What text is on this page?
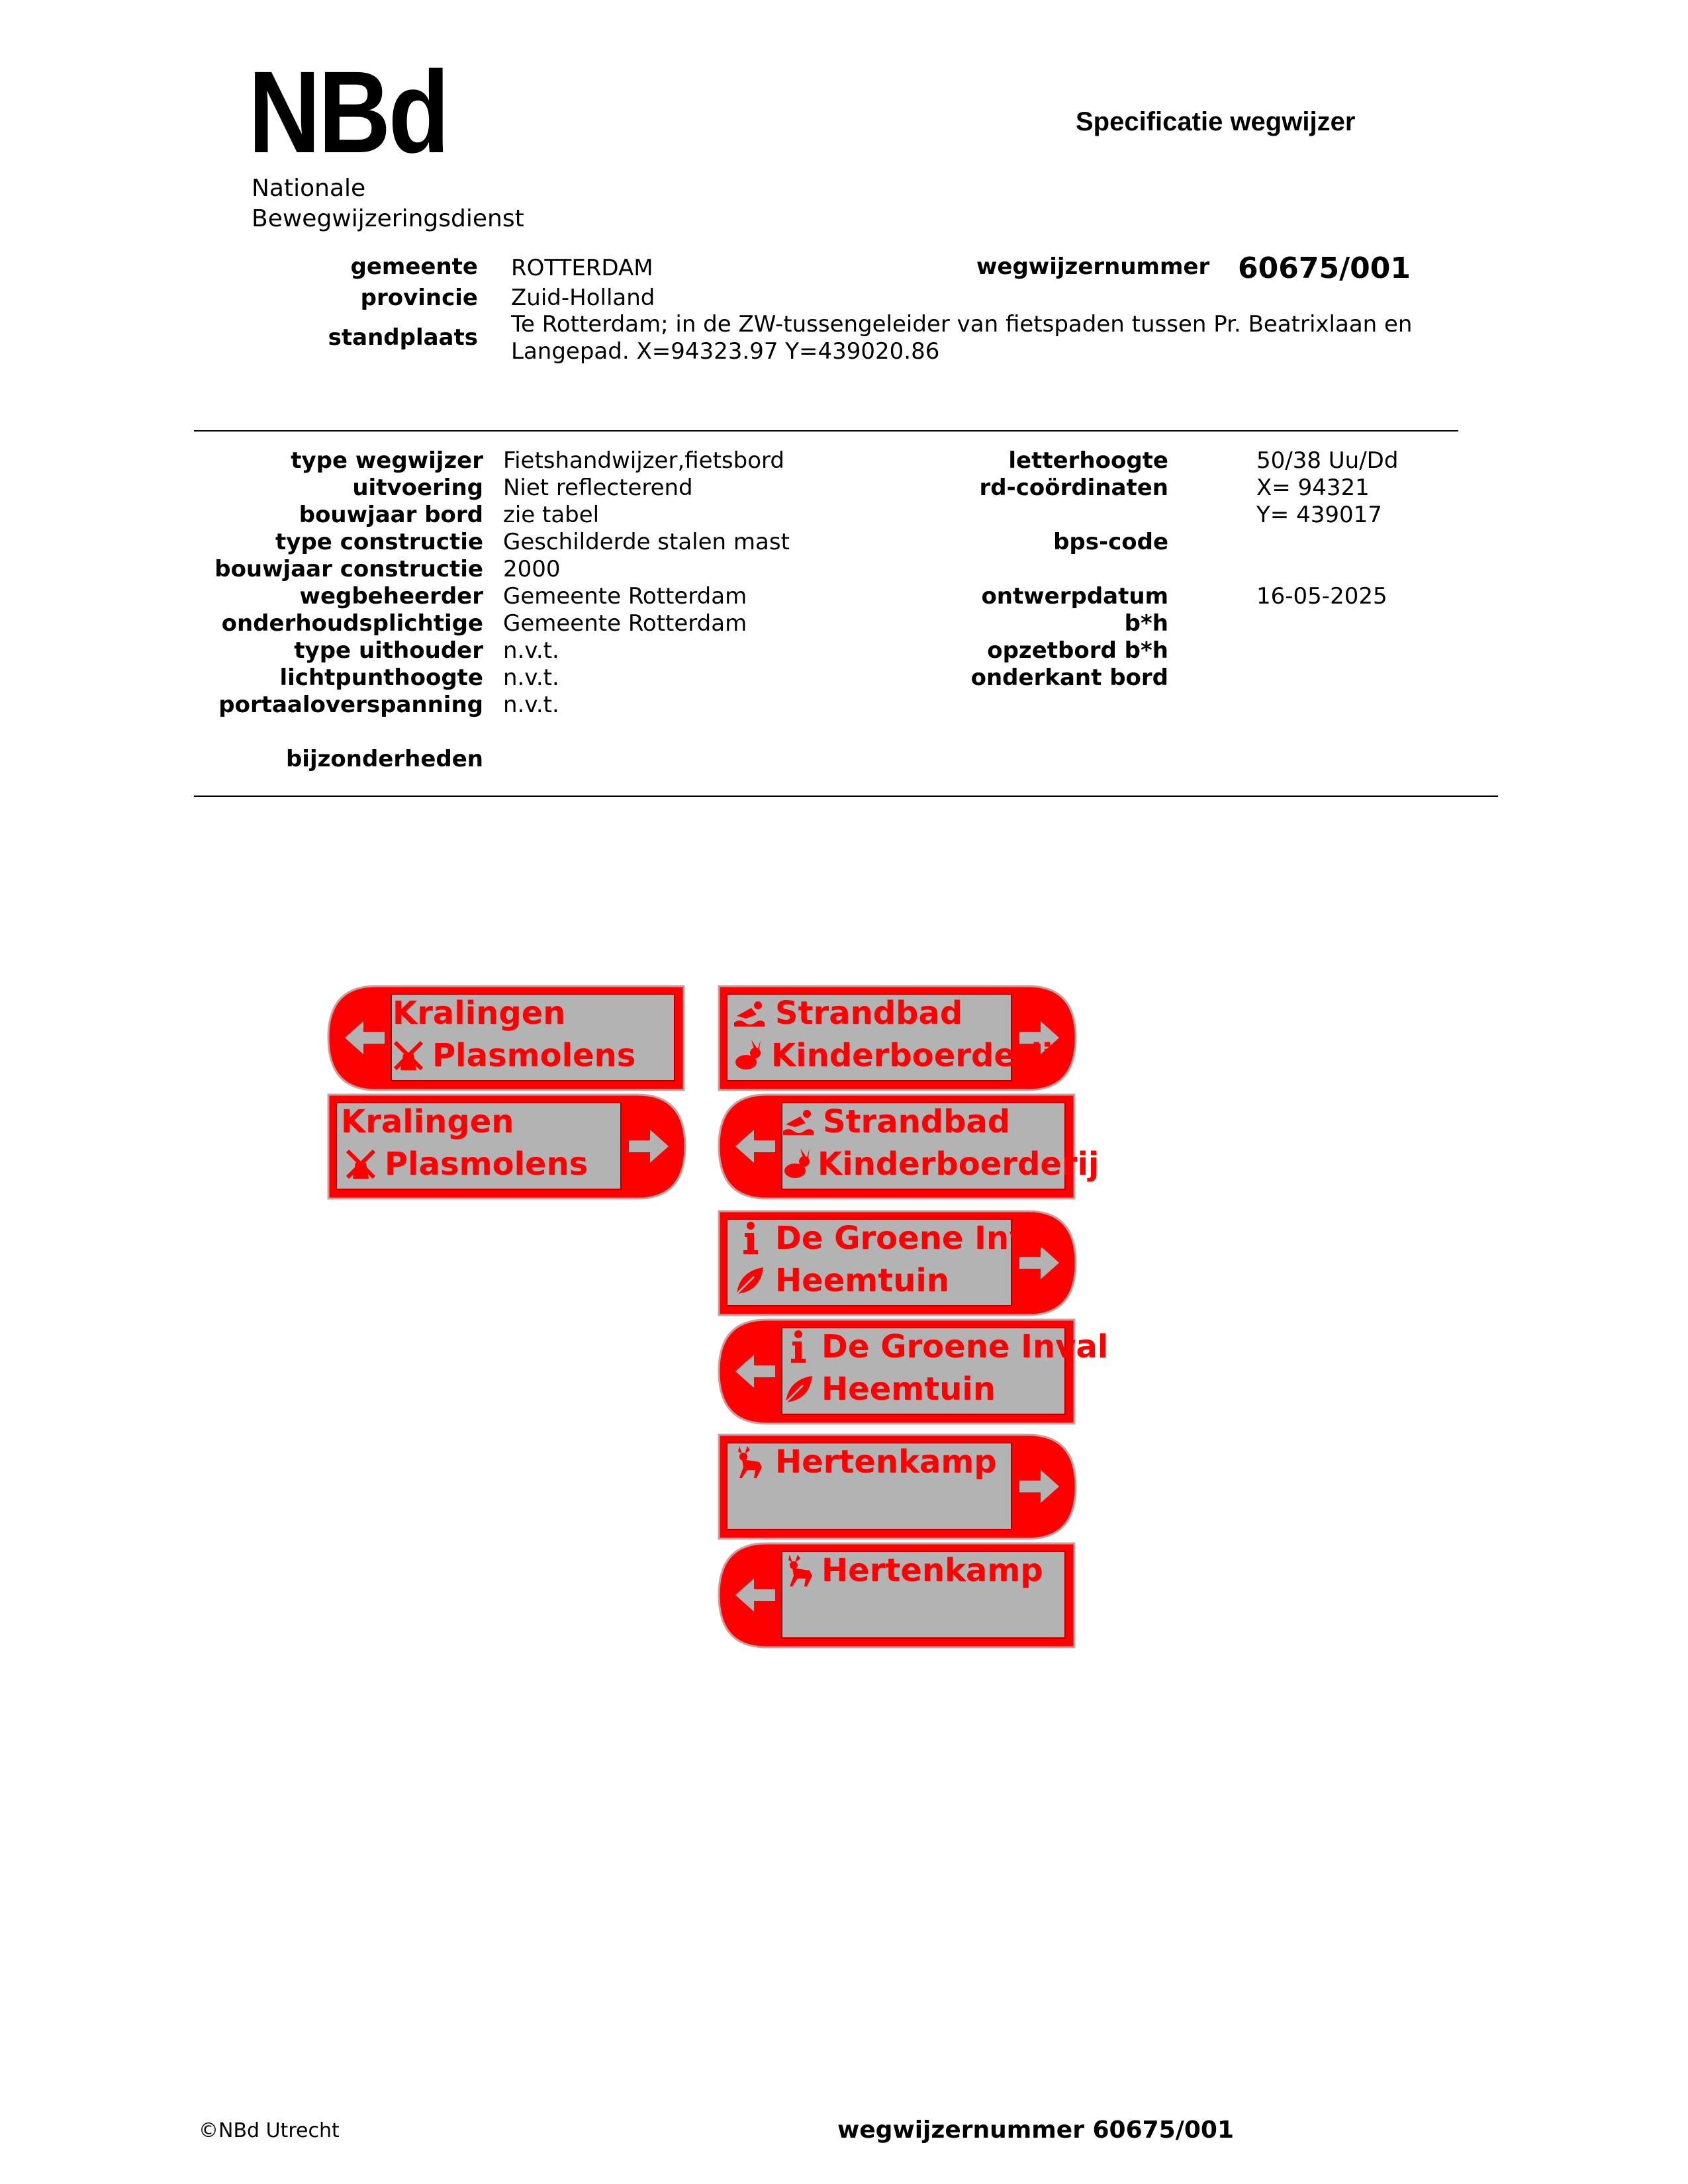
NBd
Nationale
Bewegwijzeringsdienst
Specificatie wegwijzer
gemeente ROTTERDAM
provincie Zuid-Holland
standplaats Te Rotterdam; in de ZW-tussengeleider van fietspaden tussen Pr. Beatrixlaan en
Langepad. X=94323.97 Y=439020.86
wegwijzernummer 60675/001
type wegwijzer Fietshandwijzer,fietsbord
uitvoering Niet reflecterend
bouwjaar bord zie tabel
type constructie Geschilderde stalen mast
bouwjaar constructie 2000
wegbeheerder Gemeente Rotterdam
onderhoudsplichtige Gemeente Rotterdam
type uithouder n.v.t.
lichtpunthoogte n.v.t.
portaaloverspanning n.v.t.
bijzonderheden
letterhoogte	50/38 Uu/Dd
rd-coördinaten	X= 94321
Y= 439017
bps-code
ontwerpdatum	16-05-2025
b*h
opzetbord b*h
onderkant bord
Kralingen
Plasmolens
Kralingen
Plasmolens
Strandbad
Kinderboerderij
Strandbad
Kinderboerderij
De Groene Inval
Heemtuin
De Groene Inval
Heemtuin
Hertenkamp
Hertenkamp
©NBd Utrecht	wegwijzernummer 60675/001
